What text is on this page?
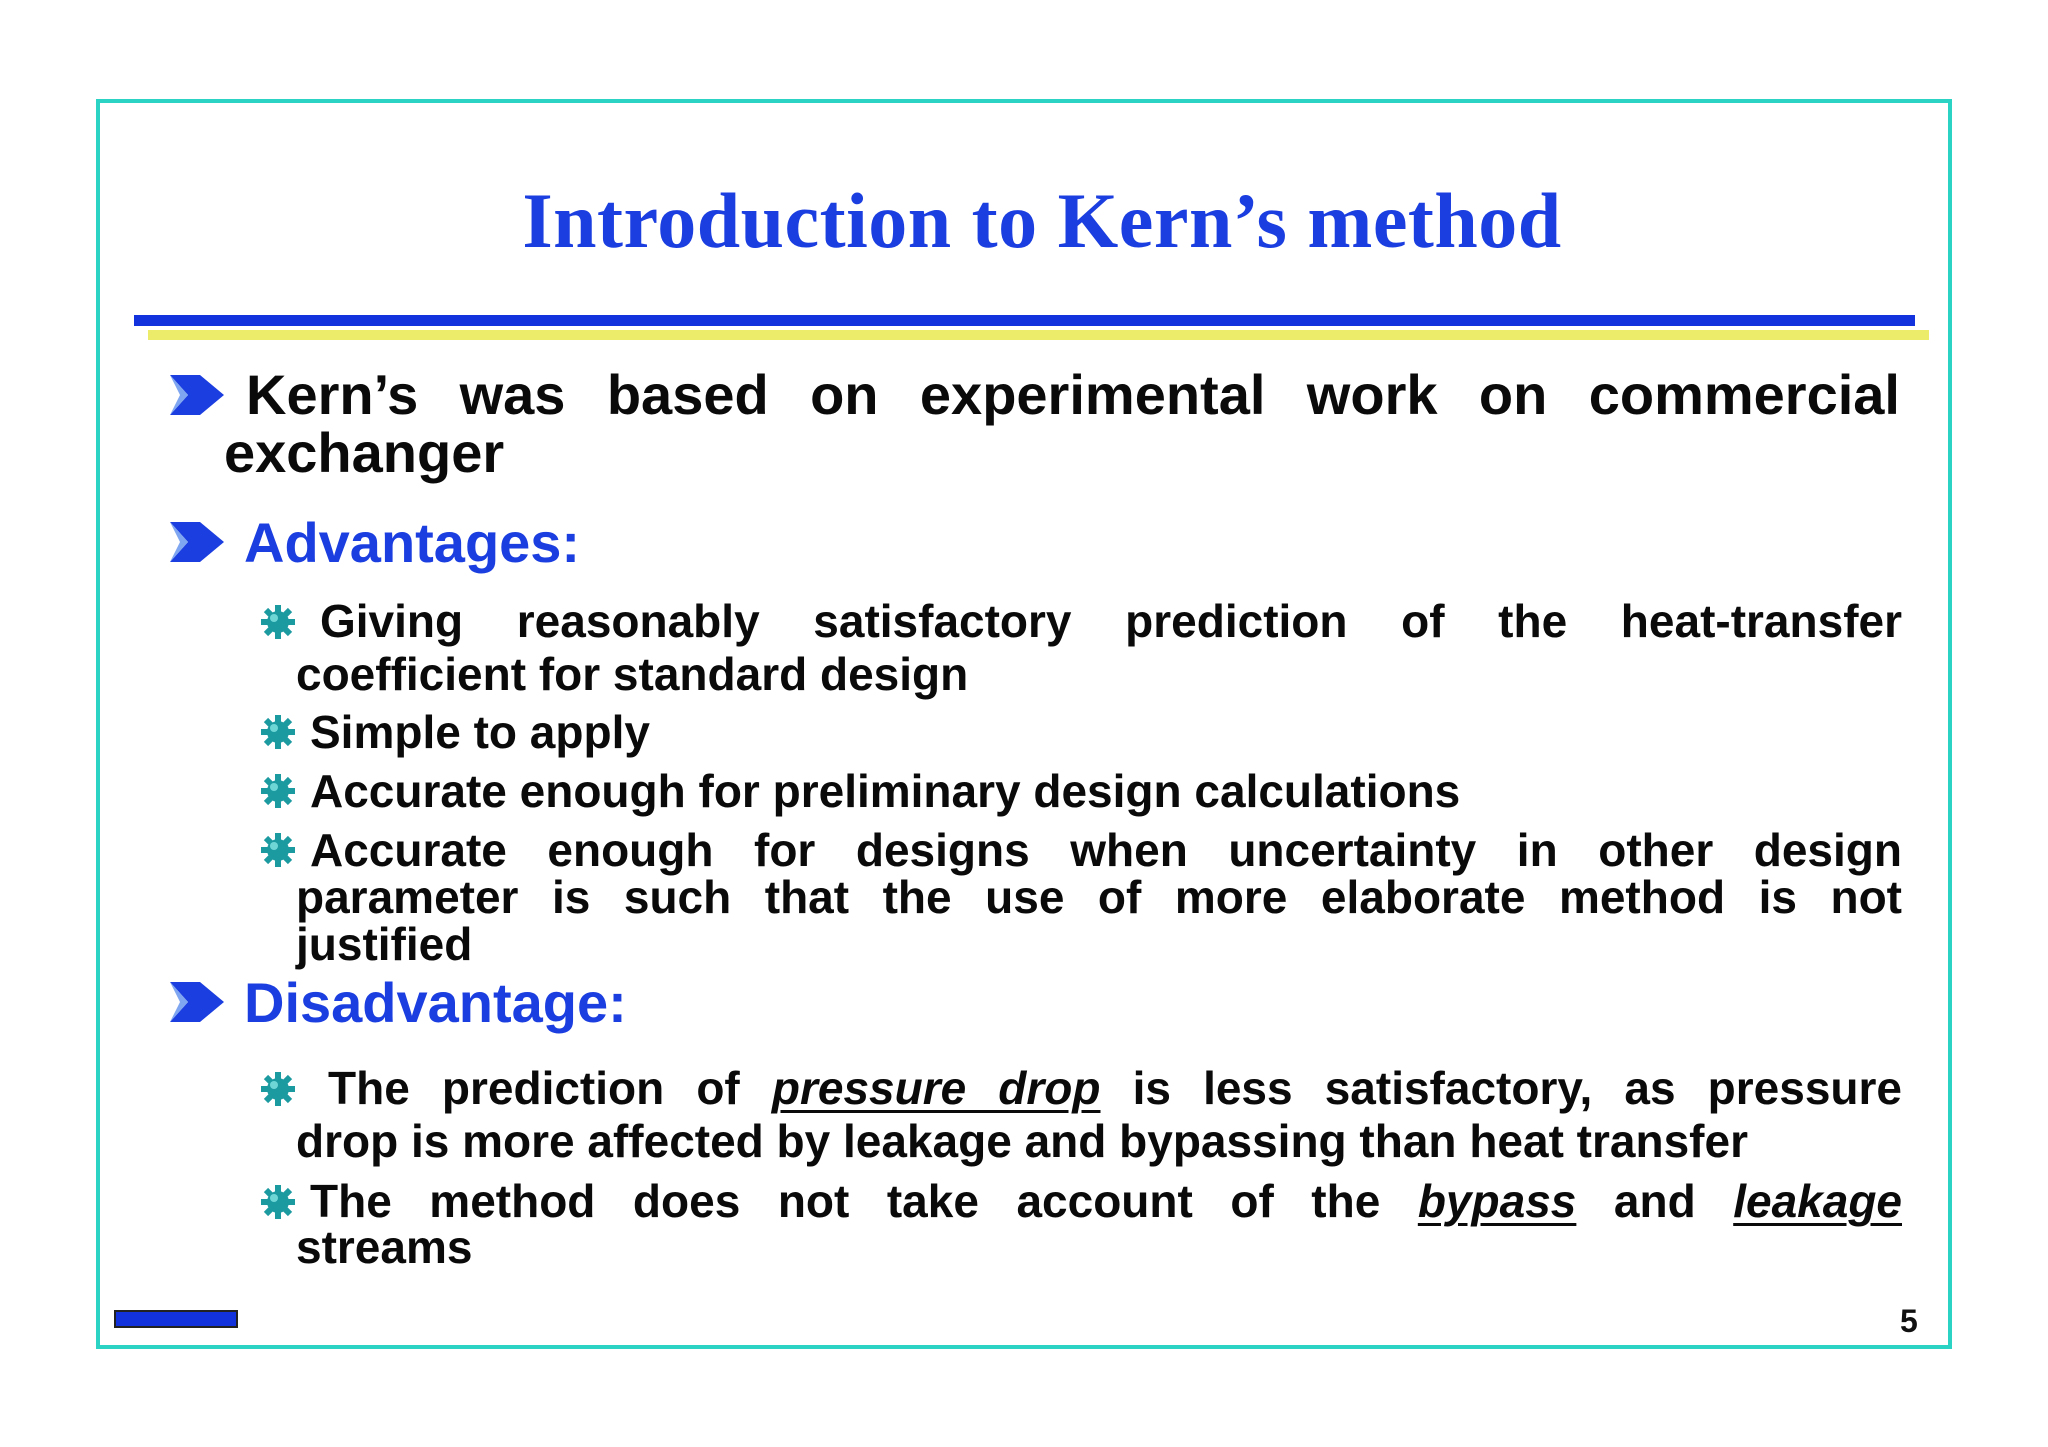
Introduction to Kern’s method
Kern’s was based on experimental work on commercial
exchanger
Advantages:
Giving reasonably satisfactory prediction of the heat-transfer
coefficient for standard design
Simple to apply
Accurate enough for preliminary design calculations
Accurate enough for designs when uncertainty in other design
parameter is such that the use of more elaborate method is not
justified
Disadvantage:
The prediction of pressure drop is less satisfactory, as pressure
drop is more affected by leakage and bypassing than heat transfer
The method does not take account of the bypass and leakage
streams
5
